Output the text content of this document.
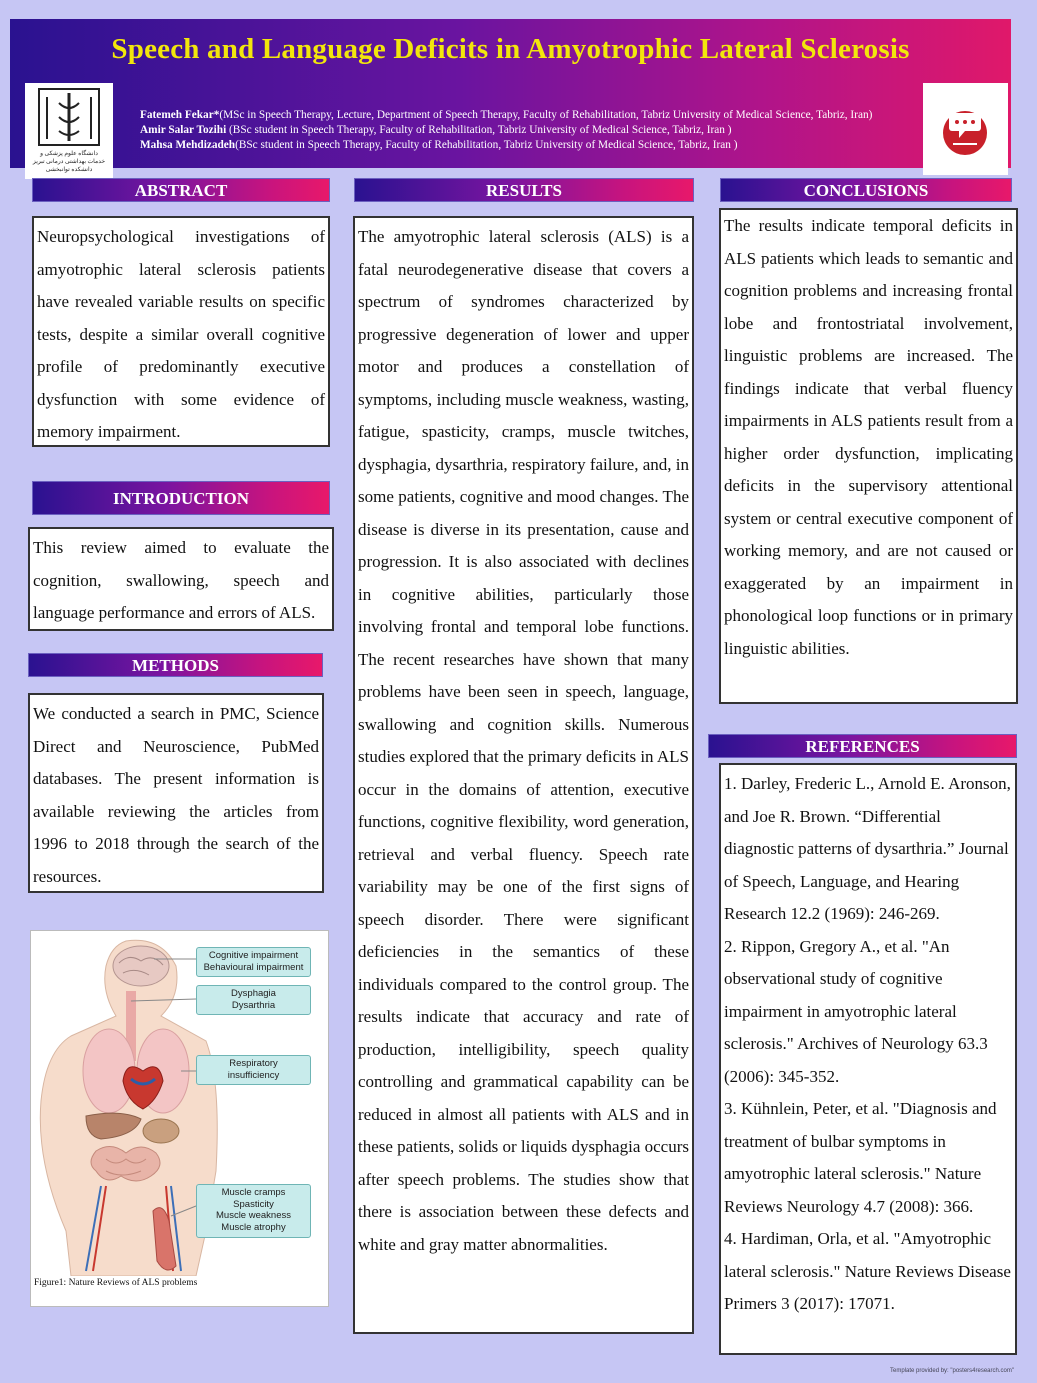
Speech and Language Deficits in Amyotrophic Lateral Sclerosis
دانشگاه علوم پزشکی و
خدمات بهداشتی درمانی تبریز
دانشکده توانبخشی
Fatemeh Fekar*(MSc in Speech Therapy, Lecture, Department of Speech Therapy, Faculty of Rehabilitation, Tabriz University of Medical Science, Tabriz, Iran)
Amir Salar Tozihi (BSc student in Speech Therapy, Faculty of Rehabilitation, Tabriz University of Medical Science, Tabriz, Iran )
Mahsa Mehdizadeh(BSc student in Speech Therapy, Faculty of Rehabilitation, Tabriz University of Medical Science, Tabriz, Iran )
ABSTRACT

Neuropsychological investigations of amyotrophic lateral sclerosis patients have revealed variable results on specific tests, despite a similar overall cognitive profile of predominantly executive dysfunction with some evidence of memory impairment.

INTRODUCTION

This review aimed to evaluate the cognition, swallowing, speech and language performance and errors of ALS.

METHODS

We conducted a search in PMC, Science Direct and Neuroscience, PubMed databases. The present information is available reviewing the articles from 1996 to 2018 through the search of the resources.

Cognitive impairment
Behavioural impairment
Dysphagia
Dysarthria
Respiratory
insufficiency
Muscle cramps
Spasticity
Muscle weakness
Muscle atrophy
Figure1: Nature Reviews of ALS problems
RESULTS

The amyotrophic lateral sclerosis (ALS) is a fatal neurodegenerative disease that covers a spectrum of syndromes characterized by progressive degeneration of lower and upper motor and produces a constellation of symptoms, including muscle weakness, wasting, fatigue, spasticity, cramps, muscle twitches, dysphagia, dysarthria, respiratory failure, and, in some patients, cognitive and mood changes. The disease is diverse in its presentation, cause and progression. It is also associated with declines in cognitive abilities, particularly those involving frontal and temporal lobe functions. The recent researches have shown that many problems have been seen in speech, language, swallowing and cognition skills. Numerous studies explored that the primary deficits in ALS occur in the domains of attention, executive functions, cognitive flexibility, word generation, retrieval and verbal fluency. Speech rate variability may be one of the first signs of speech disorder. There were significant deficiencies in the semantics of these individuals compared to the control group. The results indicate that accuracy and rate of production, intelligibility, speech quality controlling and grammatical capability can be reduced in almost all patients with ALS and in these patients, solids or liquids dysphagia occurs after speech problems. The studies show that there is association between these defects and white and gray matter abnormalities.

CONCLUSIONS

The results indicate temporal deficits in ALS patients which leads to semantic and cognition problems and increasing frontal lobe and frontostriatal involvement, linguistic problems are increased. The findings indicate that verbal fluency impairments in ALS patients result from a higher order dysfunction, implicating deficits in the supervisory attentional system or central executive component of working memory, and are not caused or exaggerated by an impairment in phonological loop functions or in primary linguistic abilities.

REFERENCES

1. Darley, Frederic L., Arnold E. Aronson, and Joe R. Brown. “Differential diagnostic patterns of dysarthria.” Journal of Speech, Language, and Hearing Research 12.2 (1969): 246-269.

2. Rippon, Gregory A., et al. "An observational study of cognitive impairment in amyotrophic lateral sclerosis." Archives of Neurology 63.3 (2006): 345-352.

3. Kühnlein, Peter, et al. "Diagnosis and treatment of bulbar symptoms in amyotrophic lateral sclerosis." Nature Reviews Neurology 4.7 (2008): 366.

4. Hardiman, Orla, et al. "Amyotrophic lateral sclerosis." Nature Reviews Disease Primers 3 (2017): 17071.

Template provided by: "posters4research.com"
